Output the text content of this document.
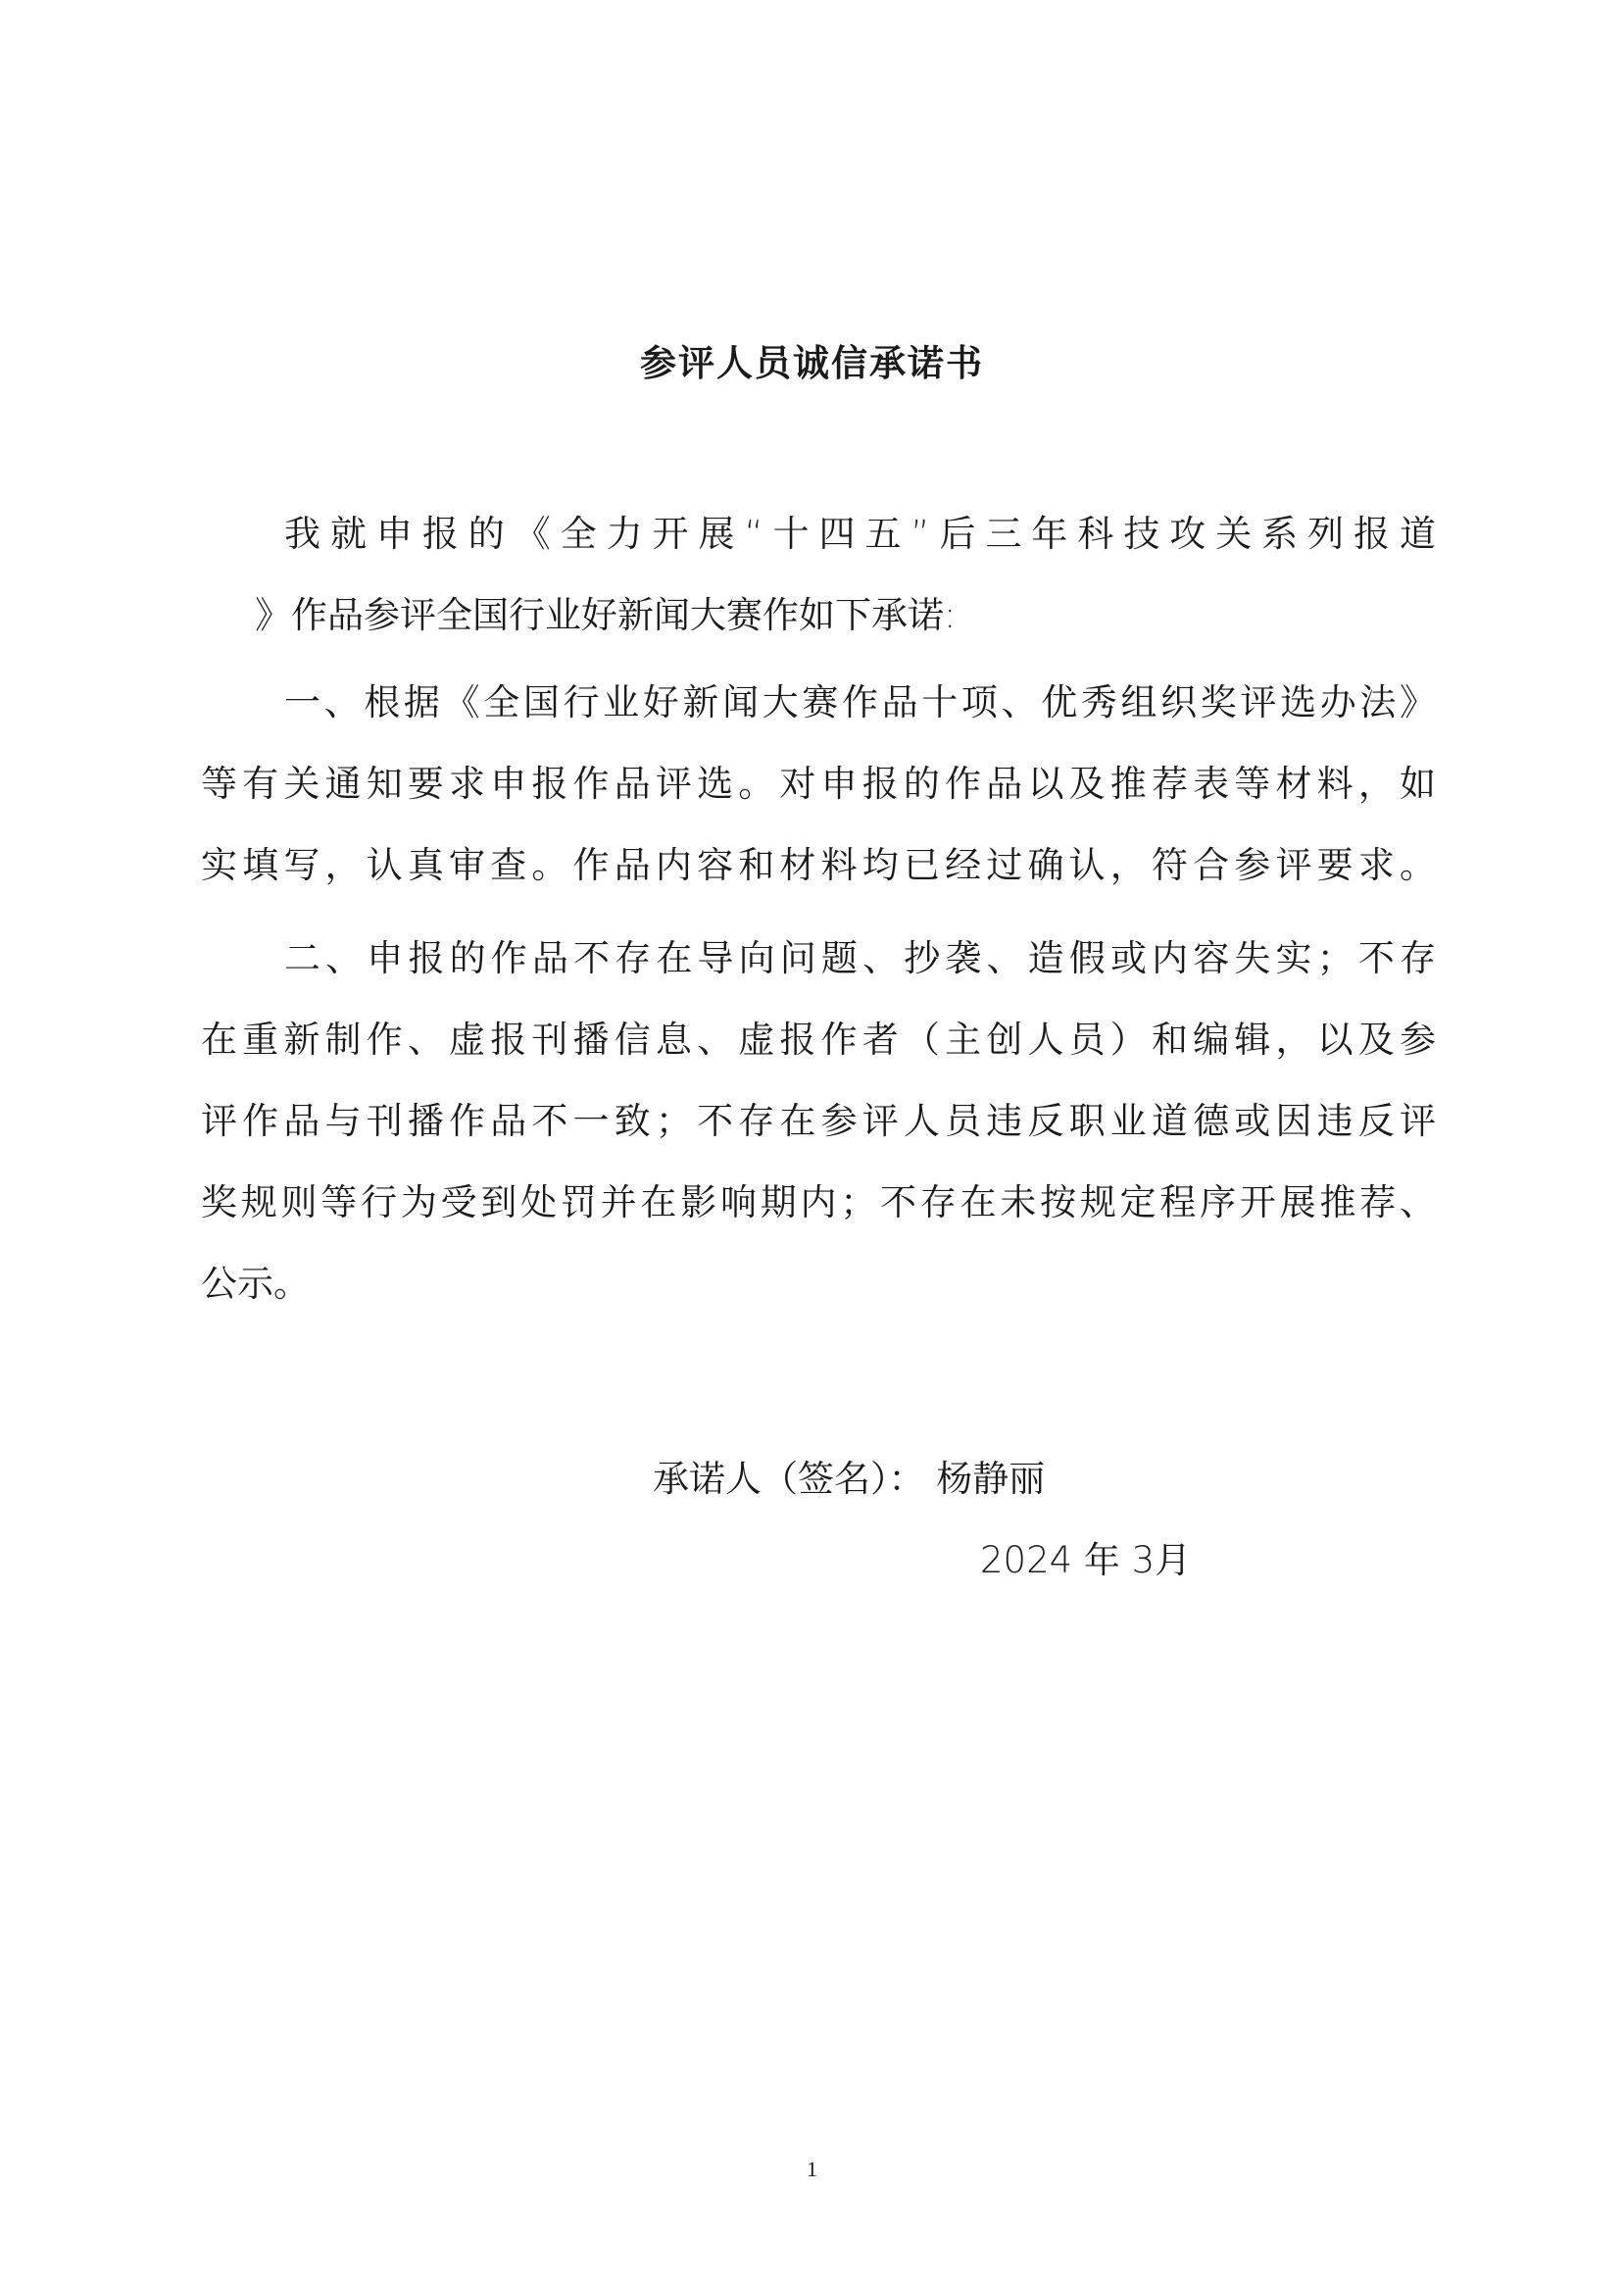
参评人员诚信承诺书
我就申报的《全力开展“十四五”后三年科技攻关系列报道
》作品参评全国行业好新闻大赛作如下承诺:
一、根据《全国行业好新闻大赛作品十项、优秀组织奖评选办法》
等有关通知要求申报作品评选。对申报的作品以及推荐表等材料，如
实填写，认真审查。作品内容和材料均已经过确认，符合参评要求。
二、申报的作品不存在导向问题、抄袭、造假或内容失实；不存
在重新制作、虚报刊播信息、虚报作者（主创人员）和编辑，以及参
评作品与刊播作品不一致；不存在参评人员违反职业道德或因违反评
奖规则等行为受到处罚并在影响期内；不存在未按规定程序开展推荐、
公示。
承诺人（签名）： 杨静丽
2024 年 3月
1
